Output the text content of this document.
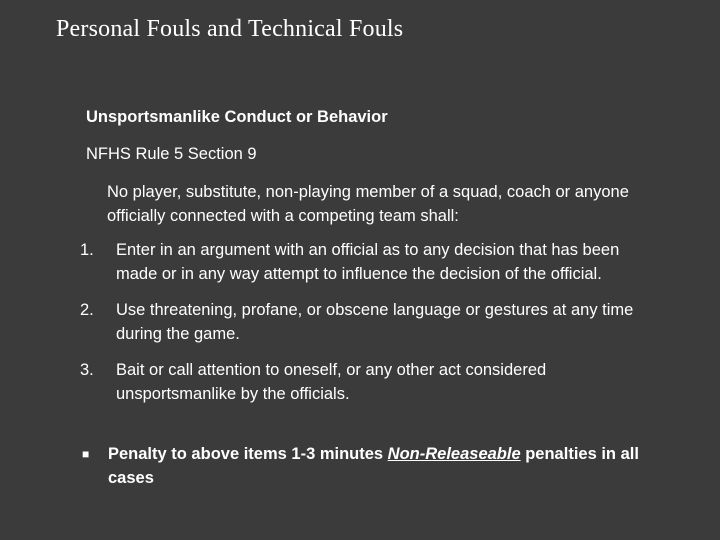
Personal Fouls and Technical Fouls
Unsportsmanlike Conduct or Behavior
NFHS Rule 5 Section 9
No player, substitute, non-playing member of a squad, coach or anyone officially connected with a competing team shall:
1.	Enter in an argument with an official as to any decision that has been made or in any way attempt to influence the decision of the official.
2.	Use threatening, profane, or obscene language or gestures at any time during the game.
3.	Bait or call attention to oneself, or any other act considered unsportsmanlike by the officials.
■	Penalty to above items 1-3 minutes Non-Releaseable penalties in all cases
